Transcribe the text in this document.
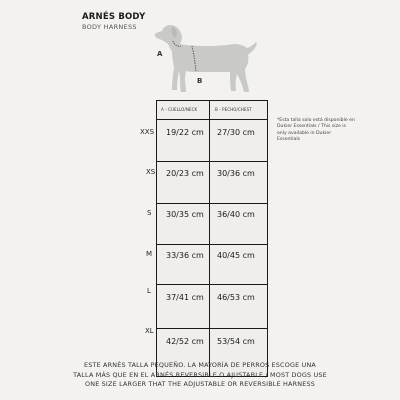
ARNÉS BODY
BODY HARNESS
A
B
A - CUELLO/NECK	B - PECHO/CHEST
19/22 cm 27/30 cm
20/23 cm 30/36 cm
30/35 cm 36/40 cm
33/36 cm 40/45 cm
37/41 cm 46/53 cm
42/52 cm 53/54 cm
XXS
XS
S
M
L
XL
*Esta talla solo está disponible en Dukier Essentials / This size is only available in Dukier Essentials
ESTE ARNÉS TALLA PEQUEÑO. LA MAYORÍA DE PERROS ESCOGE UNA
TALLA MÁS QUE EN EL ARNÉS REVERSIBLE O AJUSTABLE / MOST DOGS USE
ONE SIZE LARGER THAT THE ADJUSTABLE OR REVERSIBLE HARNESS
